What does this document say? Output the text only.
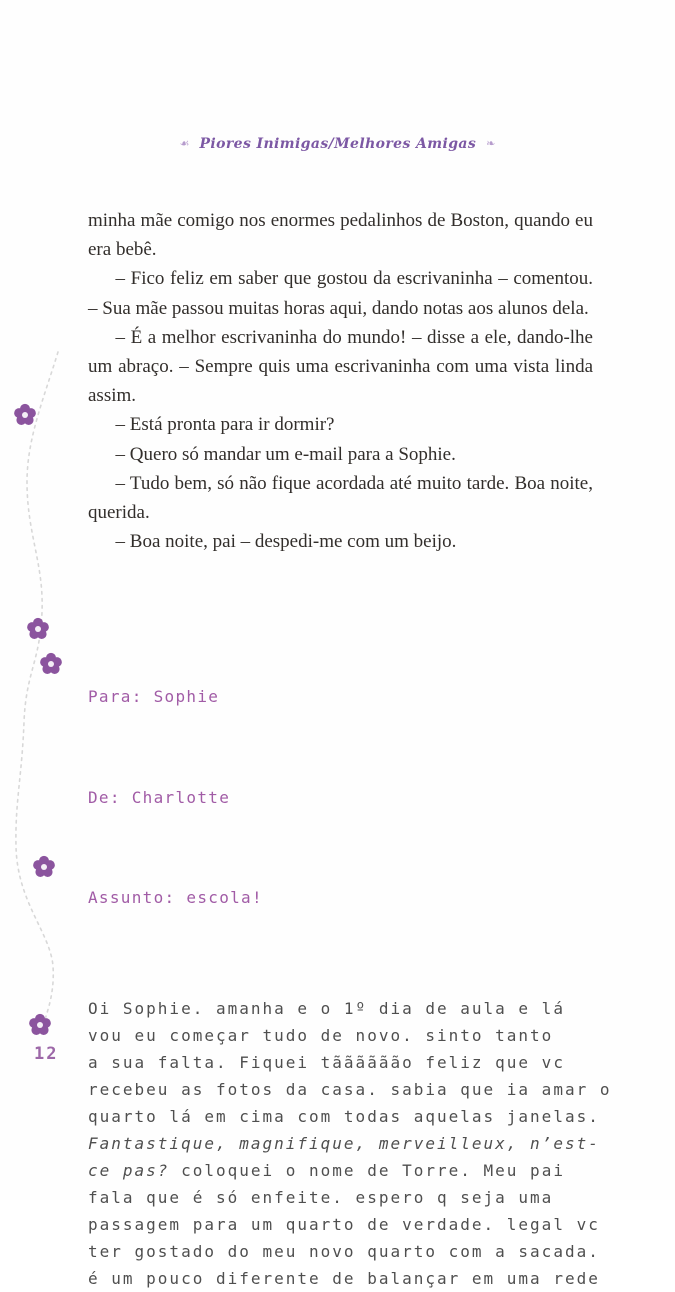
☙ Piores Inimigas/Melhores Amigas ❧

minha mãe comigo nos enormes pedalinhos de Boston, quando eu era bebê.

– Fico feliz em saber que gostou da escrivaninha – comentou. – Sua mãe passou muitas horas aqui, dando notas aos alunos dela.

– É a melhor escrivaninha do mundo! – disse a ele, dando-lhe um abraço. – Sempre quis uma escrivaninha com uma vista linda assim.

– Está pronta para ir dormir?

– Quero só mandar um e-mail para a Sophie.

– Tudo bem, só não fique acordada até muito tarde. Boa noite, querida.

– Boa noite, pai – despedi-me com um beijo.

Para: Sophie

De: Charlotte

Assunto: escola!

Oi Sophie. amanha e o 1º dia de aula e lá
vou eu começar tudo de novo. sinto tanto
a sua falta. Fiquei tãããããão feliz que vc
recebeu as fotos da casa. sabia que ia amar o
quarto lá em cima com todas aquelas janelas.
Fantastique, magnifique, merveilleux, n’est-
ce pas? coloquei o nome de Torre. Meu pai
fala que é só enfeite. espero q seja uma
passagem para um quarto de verdade. legal vc
ter gostado do meu novo quarto com a sacada.
é um pouco diferente de balançar em uma rede
12
